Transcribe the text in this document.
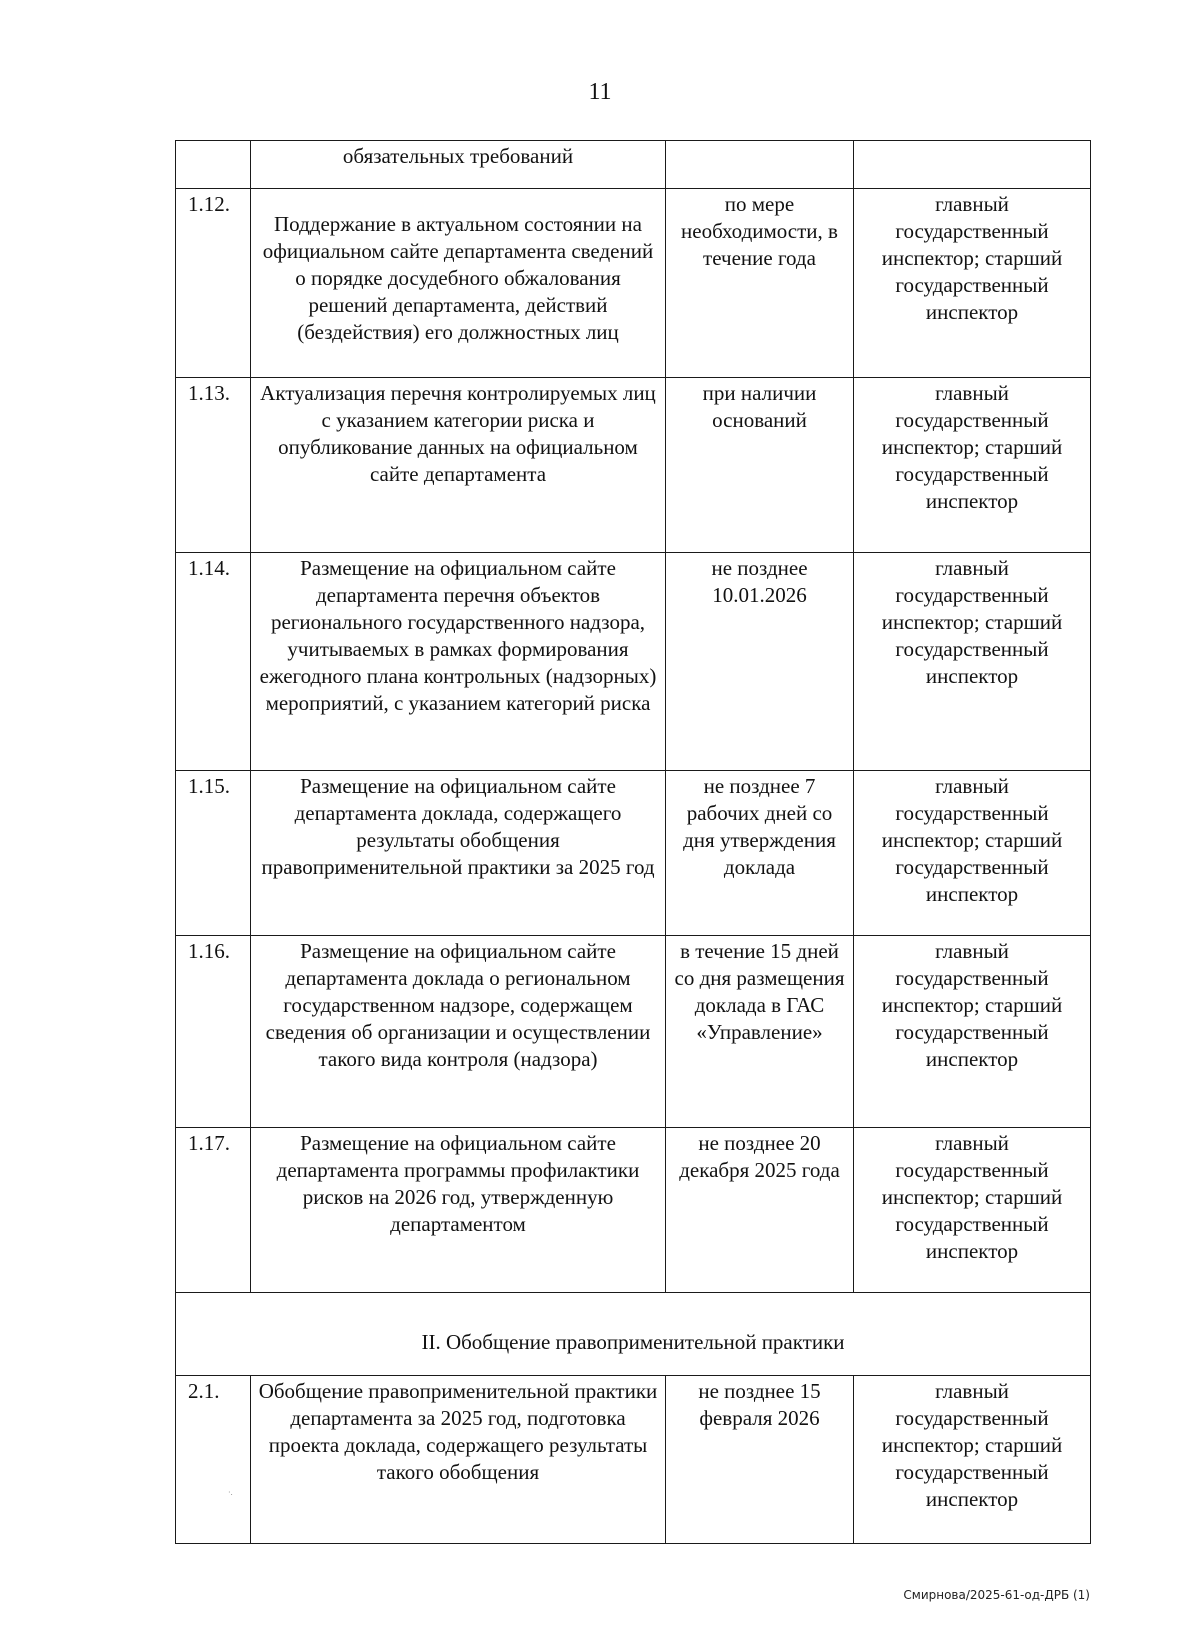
11
	обязательных требований		
1.12.	Поддержание в актуальном состоянии на официальном сайте департамента сведений о порядке досудебного обжалования решений департамента, действий (бездействия) его должностных лиц	по мере необходимости, в течение года	главный государственный инспектор; старший государственный инспектор
1.13.	Актуализация перечня контролируемых лиц с указанием категории риска и опубликование данных на официальном сайте департамента	при наличии оснований	главный государственный инспектор; старший государственный инспектор
1.14.	Размещение на официальном сайте департамента перечня объектов регионального государственного надзора, учитываемых в рамках формирования ежегодного плана контрольных (надзорных) мероприятий, с указанием категорий риска	не позднее 10.01.2026	главный государственный инспектор; старший государственный инспектор
1.15.	Размещение на официальном сайте департамента доклада, содержащего результаты обобщения правоприменительной практики за 2025 год	не позднее 7 рабочих дней со дня утверждения доклада	главный государственный инспектор; старший государственный инспектор
1.16.	Размещение на официальном сайте департамента доклада о региональном государственном надзоре, содержащем сведения об организации и осуществлении такого вида контроля (надзора)	в течение 15 дней со дня размещения доклада в ГАС «Управление»	главный государственный инспектор; старший государственный инспектор
1.17.	Размещение на официальном сайте департамента программы профилактики рисков на 2026 год, утвержденную департаментом	не позднее 20 декабря 2025 года	главный государственный инспектор; старший государственный инспектор
II. Обобщение правоприменительной практики			
2.1.	Обобщение правоприменительной практики департамента за 2025 год, подготовка проекта доклада, содержащего результаты такого обобщения	не позднее 15 февраля 2026	главный государственный инспектор; старший государственный инспектор
·.
Смирнова/2025-61-од-ДРБ (1)
